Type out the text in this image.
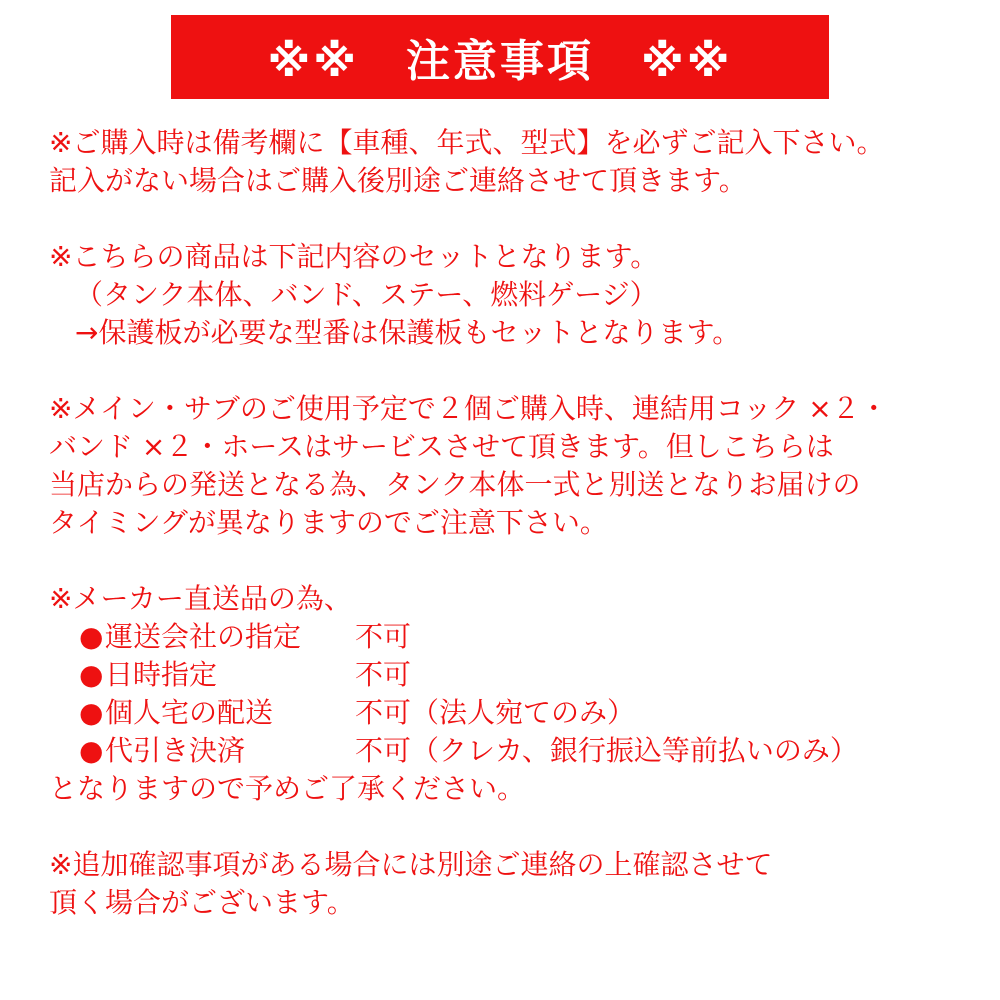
※※　注意事項　※※
※ご購入時は備考欄に【車種、年式、型式】を必ずご記入下さい。
記入がない場合はご購入後別途ご連絡させて頂きます。
※こちらの商品は下記内容のセットとなります。
（タンク本体、バンド、ステー、燃料ゲージ）
→保護板が必要な型番は保護板もセットとなります。
※メイン・サブのご使用予定で２個ご購入時、連結用コック ×２・
バンド ×２・ホースはサービスさせて頂きます。但しこちらは
当店からの発送となる為、タンク本体一式と別送となりお届けの
タイミングが異なりますのでご注意下さい。
※メーカー直送品の為、
● 運送会社の指定	不可
● 日時指定	不可
● 個人宅の配送	不可（法人宛てのみ）
● 代引き決済	不可（クレカ、銀行振込等前払いのみ）
となりますので予めご了承ください。
※追加確認事項がある場合には別途ご連絡の上確認させて
頂く場合がございます。
